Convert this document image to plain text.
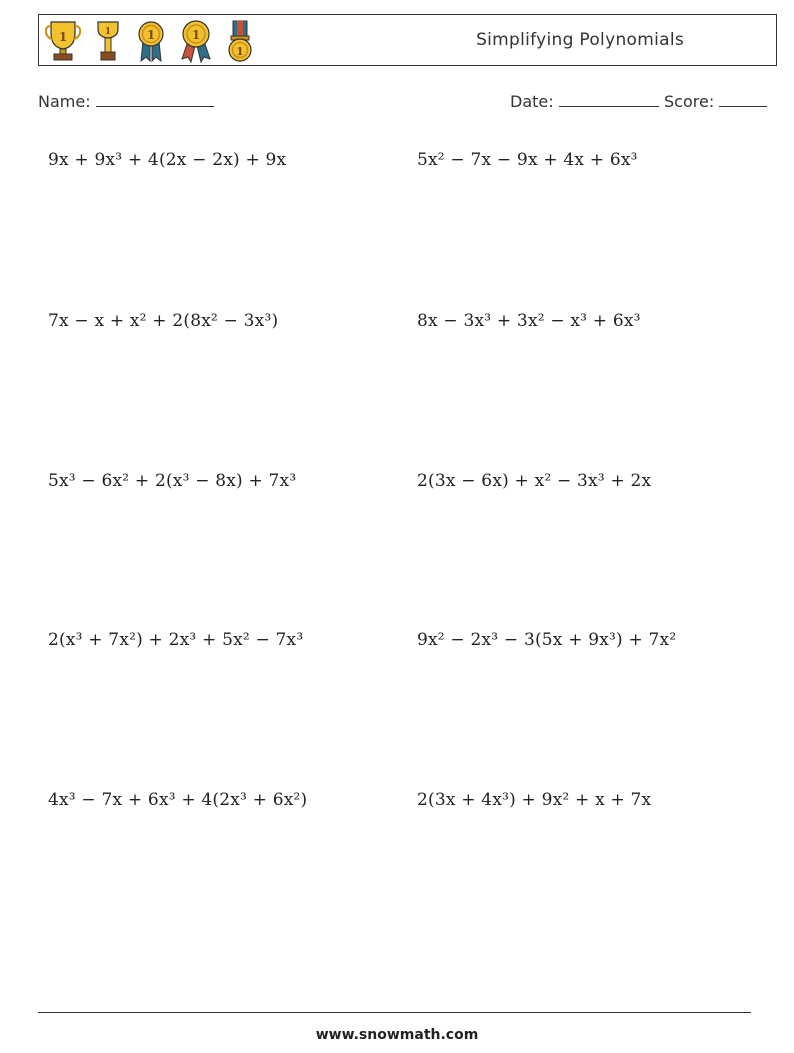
1	1	1	1
1
Simplifying Polynomials
Name:	Date:	Score:
9x + 9x³ + 4(2x − 2x) + 9x	5x² − 7x − 9x + 4x + 6x³
7x − x + x² + 2(8x² − 3x³)	8x − 3x³ + 3x² − x³ + 6x³
5x³ − 6x² + 2(x³ − 8x) + 7x³	2(3x − 6x) + x² − 3x³ + 2x
2(x³ + 7x²) + 2x³ + 5x² − 7x³	9x² − 2x³ − 3(5x + 9x³) + 7x²
4x³ − 7x + 6x³ + 4(2x³ + 6x²)	2(3x + 4x³) + 9x² + x + 7x
www.snowmath.com
